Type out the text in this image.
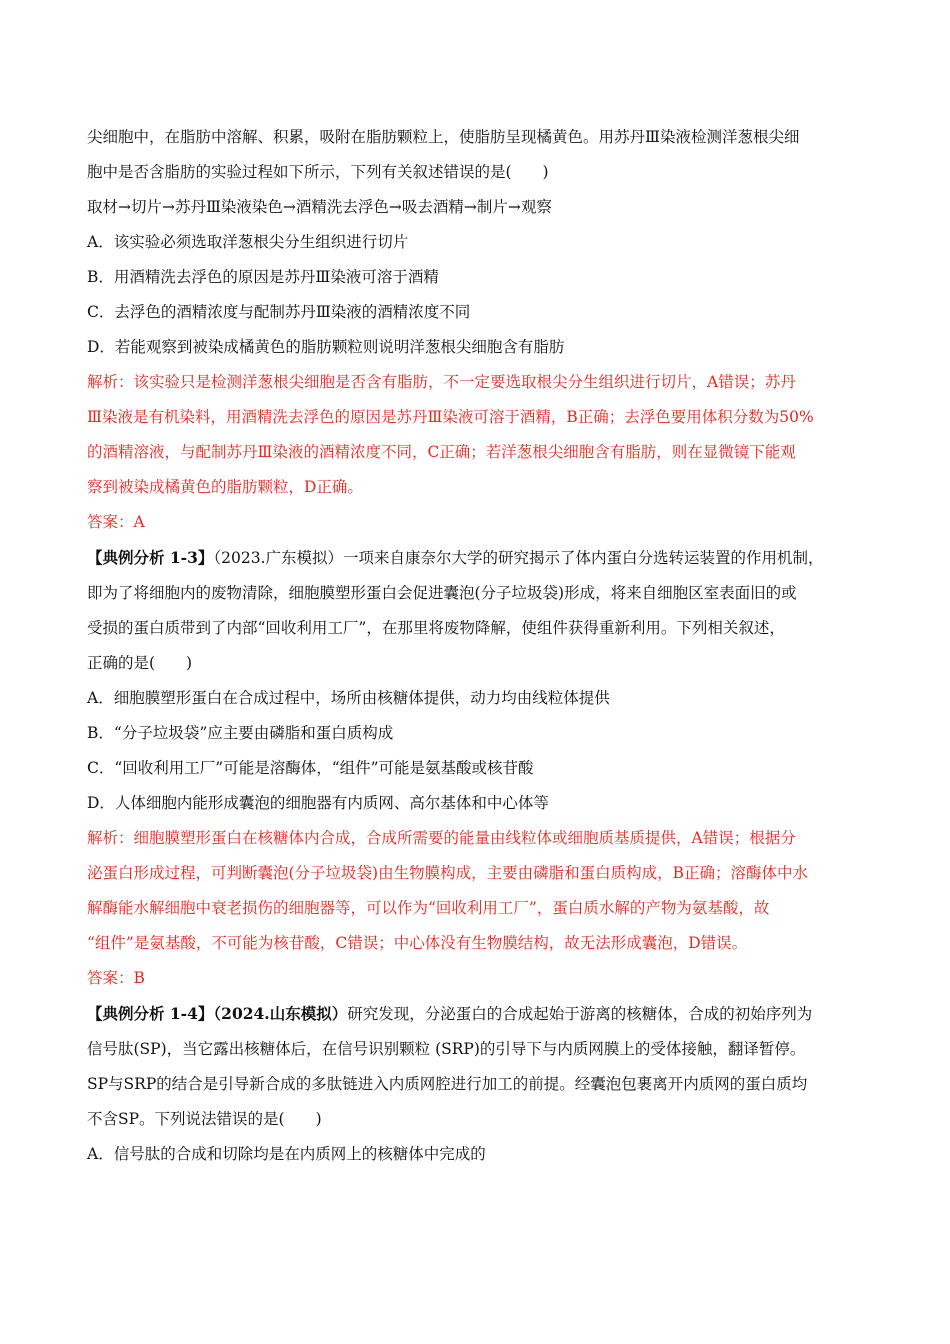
尖细胞中，在脂肪中溶解、积累，吸附在脂肪颗粒上，使脂肪呈现橘黄色。用苏丹Ⅲ染液检测洋葱根尖细
胞中是否含脂肪的实验过程如下所示，下列有关叙述错误的是(　　)
取材→切片→苏丹Ⅲ染液染色→酒精洗去浮色→吸去酒精→制片→观察
A．该实验必须选取洋葱根尖分生组织进行切片
B．用酒精洗去浮色的原因是苏丹Ⅲ染液可溶于酒精
C．去浮色的酒精浓度与配制苏丹Ⅲ染液的酒精浓度不同
D．若能观察到被染成橘黄色的脂肪颗粒则说明洋葱根尖细胞含有脂肪
解析：该实验只是检测洋葱根尖细胞是否含有脂肪，不一定要选取根尖分生组织进行切片，A错误；苏丹
Ⅲ染液是有机染料，用酒精洗去浮色的原因是苏丹Ⅲ染液可溶于酒精，B正确；去浮色要用体积分数为50%
的酒精溶液，与配制苏丹Ⅲ染液的酒精浓度不同，C正确；若洋葱根尖细胞含有脂肪，则在显微镜下能观
察到被染成橘黄色的脂肪颗粒，D正确。
答案：A
【典例分析 1-3】（2023.广东模拟）一项来自康奈尔大学的研究揭示了体内蛋白分选转运装置的作用机制，
即为了将细胞内的废物清除，细胞膜塑形蛋白会促进囊泡(分子垃圾袋)形成，将来自细胞区室表面旧的或
受损的蛋白质带到了内部“回收利用工厂”，在那里将废物降解，使组件获得重新利用。下列相关叙述，
正确的是(　　)
A．细胞膜塑形蛋白在合成过程中，场所由核糖体提供，动力均由线粒体提供
B．“分子垃圾袋”应主要由磷脂和蛋白质构成
C．“回收利用工厂”可能是溶酶体，“组件”可能是氨基酸或核苷酸
D．人体细胞内能形成囊泡的细胞器有内质网、高尔基体和中心体等
解析：细胞膜塑形蛋白在核糖体内合成，合成所需要的能量由线粒体或细胞质基质提供，A错误；根据分
泌蛋白形成过程，可判断囊泡(分子垃圾袋)由生物膜构成，主要由磷脂和蛋白质构成，B正确；溶酶体中水
解酶能水解细胞中衰老损伤的细胞器等，可以作为“回收利用工厂”，蛋白质水解的产物为氨基酸，故
“组件”是氨基酸，不可能为核苷酸，C错误；中心体没有生物膜结构，故无法形成囊泡，D错误。
答案：B
【典例分析 1-4】（2024.山东模拟）研究发现，分泌蛋白的合成起始于游离的核糖体，合成的初始序列为
信号肽(SP)，当它露出核糖体后，在信号识别颗粒 (SRP)的引导下与内质网膜上的受体接触，翻译暂停。
SP与SRP的结合是引导新合成的多肽链进入内质网腔进行加工的前提。经囊泡包裹离开内质网的蛋白质均
不含SP。下列说法错误的是(　　)
A．信号肽的合成和切除均是在内质网上的核糖体中完成的
